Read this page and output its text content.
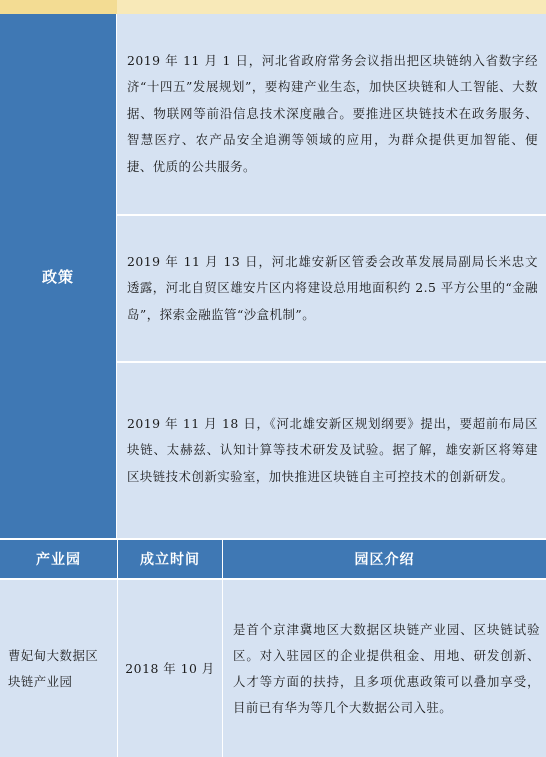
政策

2019 年 11 月 1 日，河北省政府常务会议指出把区块链纳入省数字经济“十四五”发展规划”，要构建产业生态，加快区块链和人工智能、大数据、物联网等前沿信息技术深度融合。要推进区块链技术在政务服务、智慧医疗、农产品安全追溯等领域的应用，为群众提供更加智能、便捷、优质的公共服务。

2019 年 11 月 13 日，河北雄安新区管委会改革发展局副局长米忠文透露，河北自贸区雄安片区内将建设总用地面积约 2.5 平方公里的“金融岛”，探索金融监管“沙盒机制”。

2019 年 11 月 18 日，《河北雄安新区规划纲要》提出，要超前布局区块链、太赫兹、认知计算等技术研发及试验。据了解，雄安新区将筹建区块链技术创新实验室，加快推进区块链自主可控技术的创新研发。

产业园	成立时间	园区介绍

曹妃甸大数据区块链产业园

2018 年 10 月

是首个京津冀地区大数据区块链产业园、区块链试验区。对入驻园区的企业提供租金、用地、研发创新、人才等方面的扶持，且多项优惠政策可以叠加享受，目前已有华为等几个大数据公司入驻。
